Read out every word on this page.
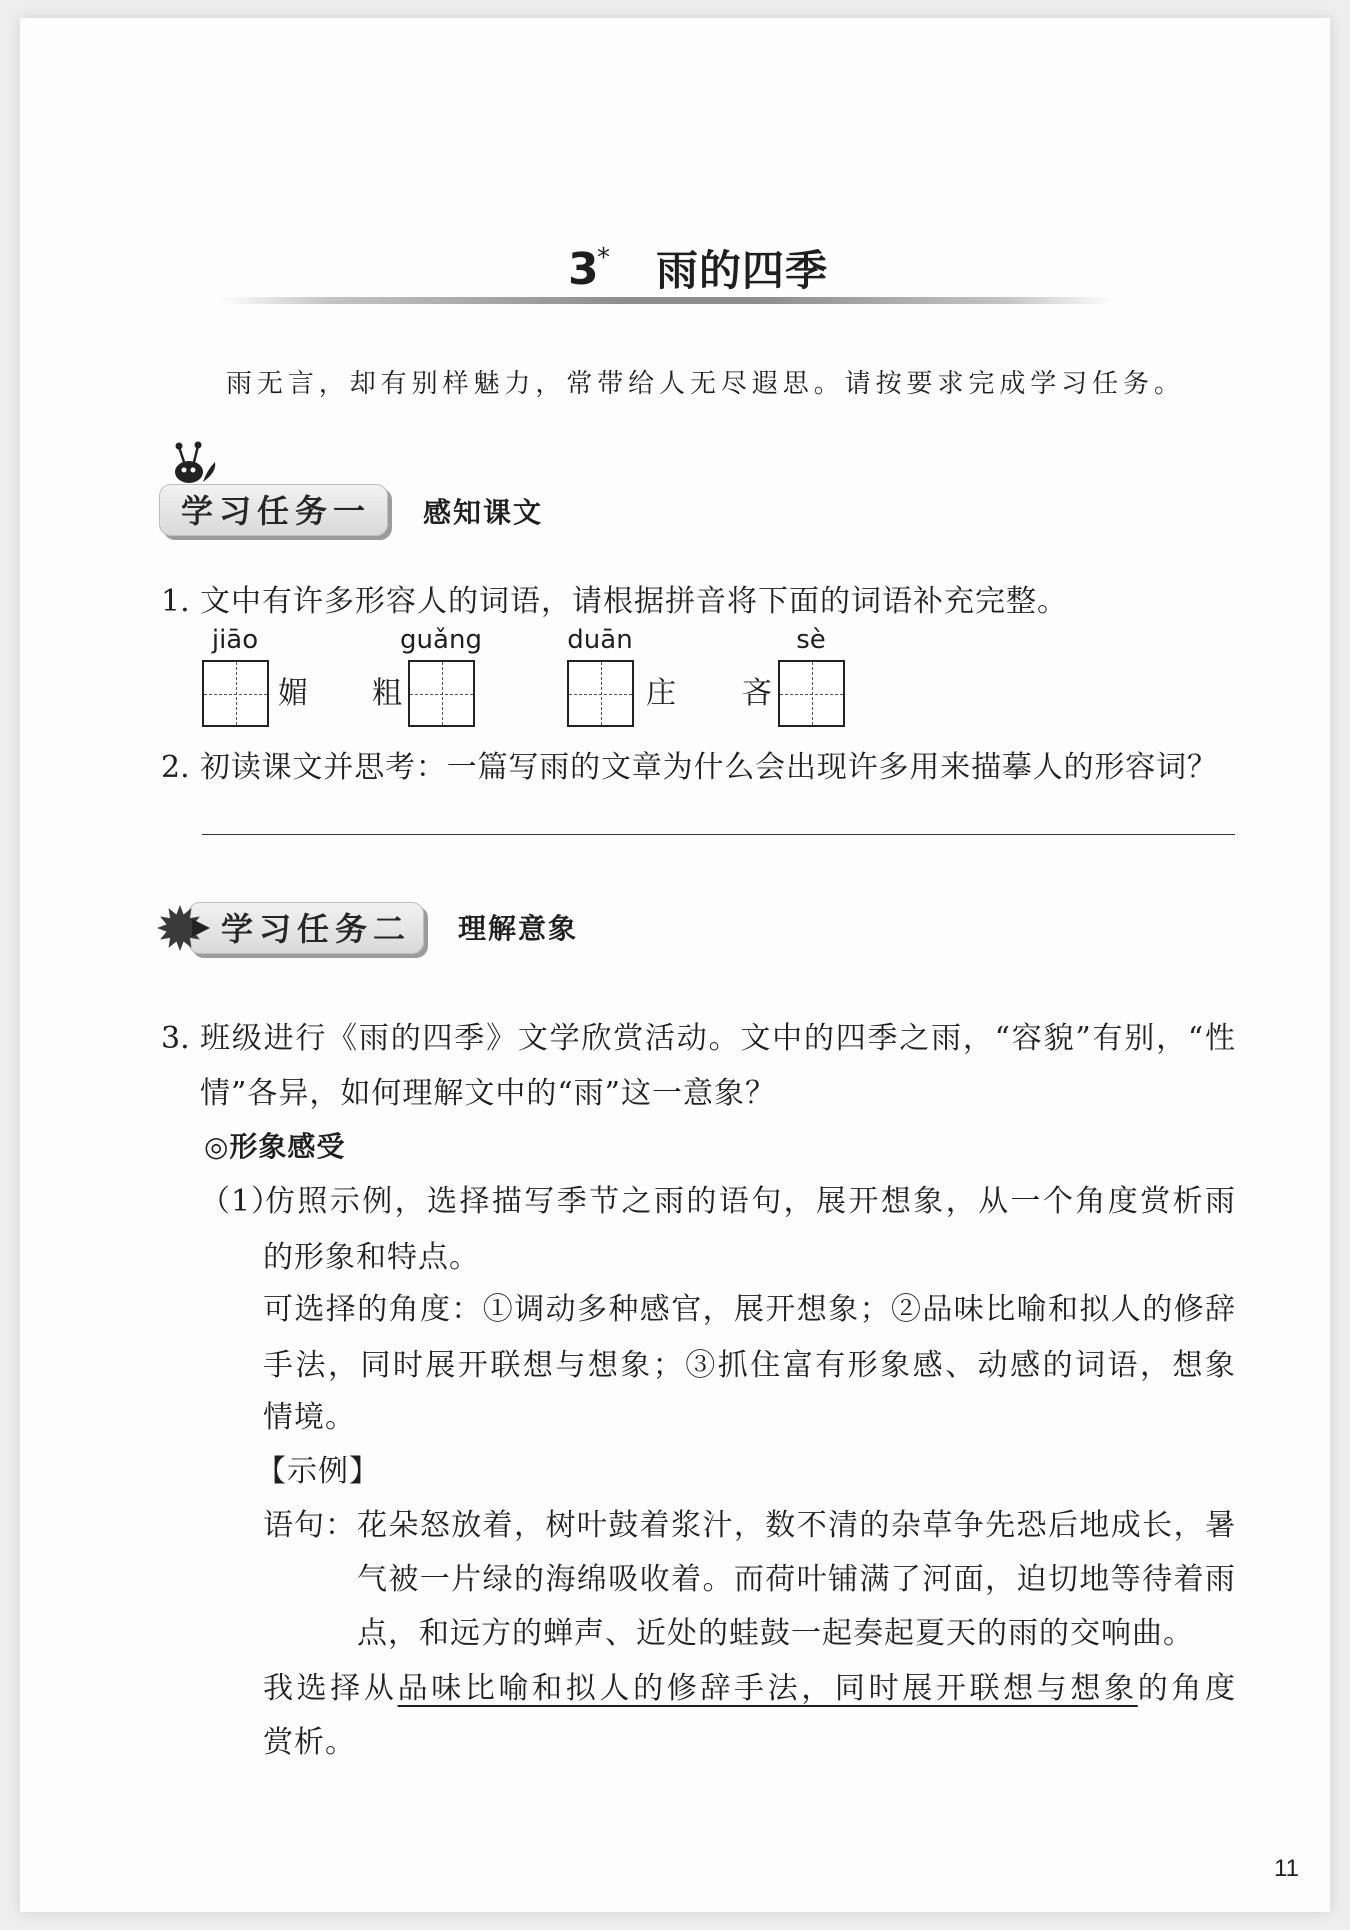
3
* 雨的四季
雨无言，却有别样魅力，常带给人无尽遐思。请按要求完成学习任务。
学习任务一	感知课文
1. 文中有许多形容人的词语，请根据拼音将下面的词语补充完整。
jiāo
媚 粗
guǎng	duān
庄 吝
sè
2. 初读课文并思考：一篇写雨的文章为什么会出现许多用来描摹人的形容词？
学习任务二	理解意象
3. 班级进行《雨的四季》文学欣赏活动。文中的四季之雨，“容貌”有别，“性
情”各异，如何理解文中的“雨”这一意象？
◎形象感受
（1）
仿照示例，选择描写季节之雨的语句，展开想象，从一个角度赏析雨
的形象和特点。
可选择的角度：①调动多种感官，展开想象；②品味比喻和拟人的修辞
手法，同时展开联想与想象；③抓住富有形象感、动感的词语，想象
情境。
【示例】
语句： 花朵怒放着，树叶鼓着浆汁，数不清的杂草争先恐后地成长，暑
气被一片绿的海绵吸收着。而荷叶铺满了河面，迫切地等待着雨
点，和远方的蝉声、近处的蛙鼓一起奏起夏天的雨的交响曲。
我选择从品味比喻和拟人的修辞手法，同时展开联想与想象的角度
赏析。
11
